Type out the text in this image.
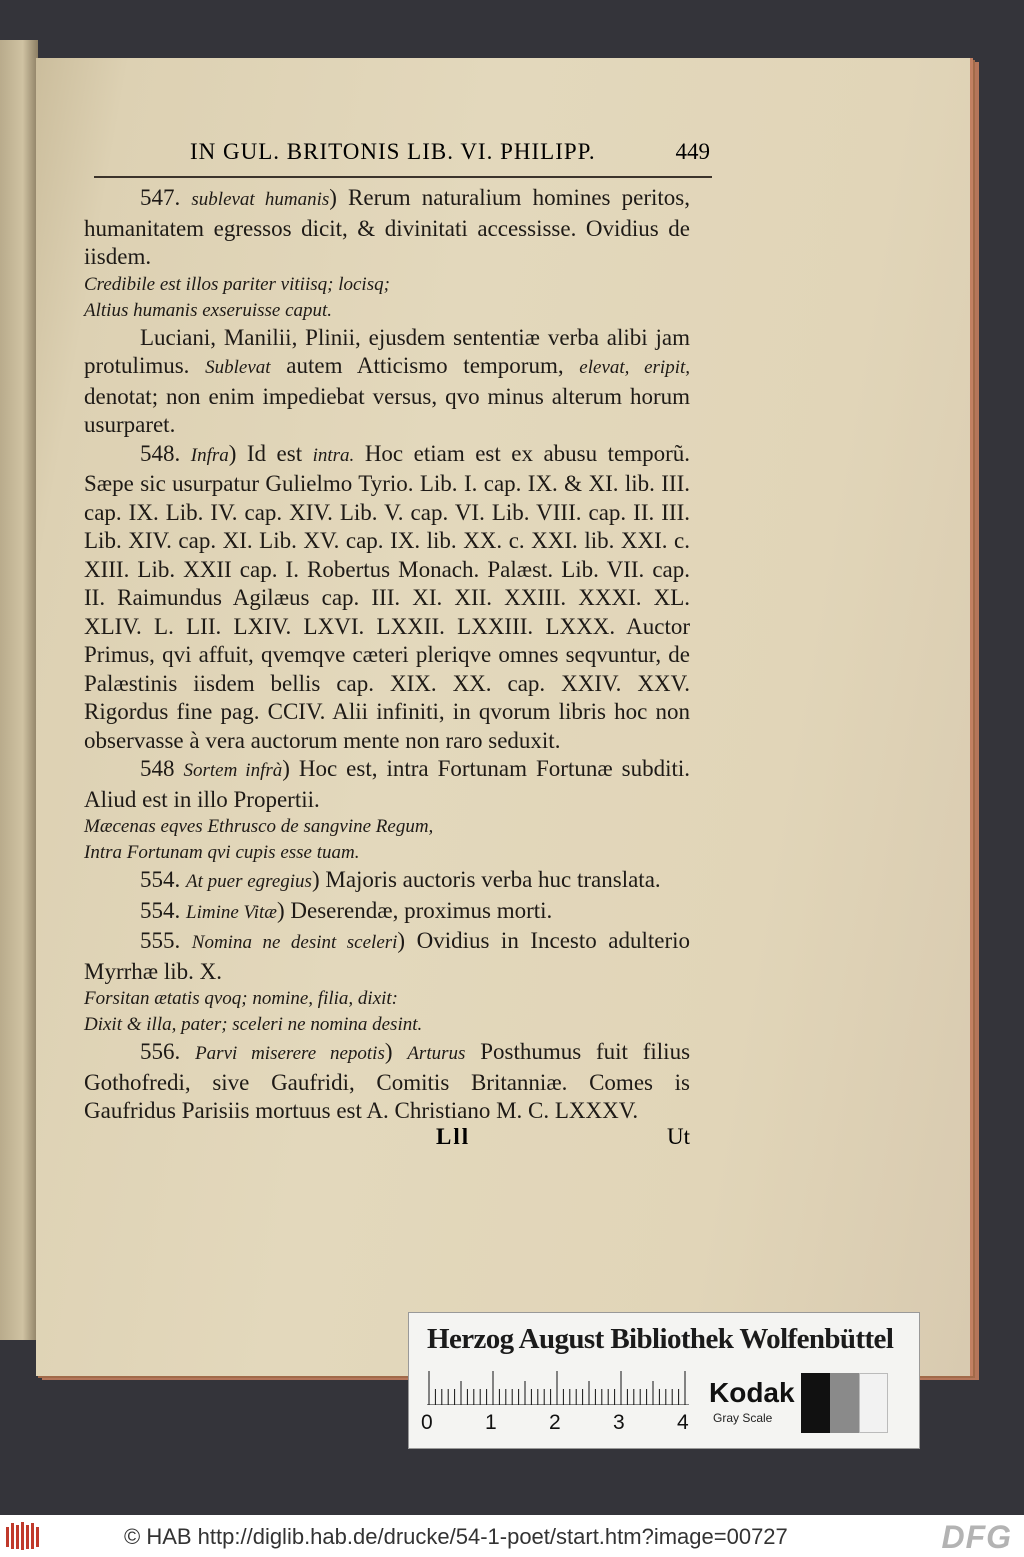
IN GUL. BRITONIS LIB. VI. PHILIPP.	449

547. sublevat humanis) Rerum naturalium homines peritos, humanitatem egressos dicit, & divinitati accessisse. Ovidius de iisdem.

Credibile est illos pariter vitiisq; locisq;

Altius humanis exseruisse caput.

Luciani, Manilii, Plinii, ejusdem sententiæ verba alibi jam protulimus. Sublevat autem Atticismo temporum, elevat, eripit, denotat; non enim impediebat versus, qvo minus alterum horum usurparet.

548. Infra) Id est intra. Hoc etiam est ex abusu temporũ. Sæpe sic usurpatur Gulielmo Tyrio. Lib. I. cap. IX. & XI. lib. III. cap. IX. Lib. IV. cap. XIV. Lib. V. cap. VI. Lib. VIII. cap. II. III. Lib. XIV. cap. XI. Lib. XV. cap. IX. lib. XX. c. XXI. lib. XXI. c. XIII. Lib. XXII cap. I. Robertus Monach. Palæst. Lib. VII. cap. II. Raimundus Agilæus cap. III. XI. XII. XXIII. XXXI. XL. XLIV. L. LII. LXIV. LXVI. LXXII. LXXIII. LXXX. Auctor Primus, qvi affuit, qvemqve cæteri pleriqve omnes seqvuntur, de Palæstinis iisdem bellis cap. XIX. XX. cap. XXIV. XXV. Rigordus fine pag. CCIV. Alii infiniti, in qvorum libris hoc non observasse à vera auctorum mente non raro seduxit.

548 Sortem infrà) Hoc est, intra Fortunam Fortunæ subditi. Aliud est in illo Propertii.

Mæcenas eqves Ethrusco de sangvine Regum,

Intra Fortunam qvi cupis esse tuam.

554. At puer egregius) Majoris auctoris verba huc translata.

554. Limine Vitæ) Deserendæ, proximus morti.

555. Nomina ne desint sceleri) Ovidius in Incesto adulterio Myrrhæ lib. X.

Forsitan ætatis qvoq; nomine, filia, dixit:

Dixit & illa, pater; sceleri ne nomina desint.

556. Parvi miserere nepotis) Arturus Posthumus fuit filius Gothofredi, sive Gaufridi, Comitis Britanniæ. Comes is Gaufridus Parisiis mortuus est A. Christiano M. C. LXXXV.

Lll	Ut
Herzog August Bibliothek Wolfenbüttel
0 1 2 3 4
Kodak
Gray Scale
© HAB http://diglib.hab.de/drucke/54-1-poet/start.htm?image=00727	DFG
